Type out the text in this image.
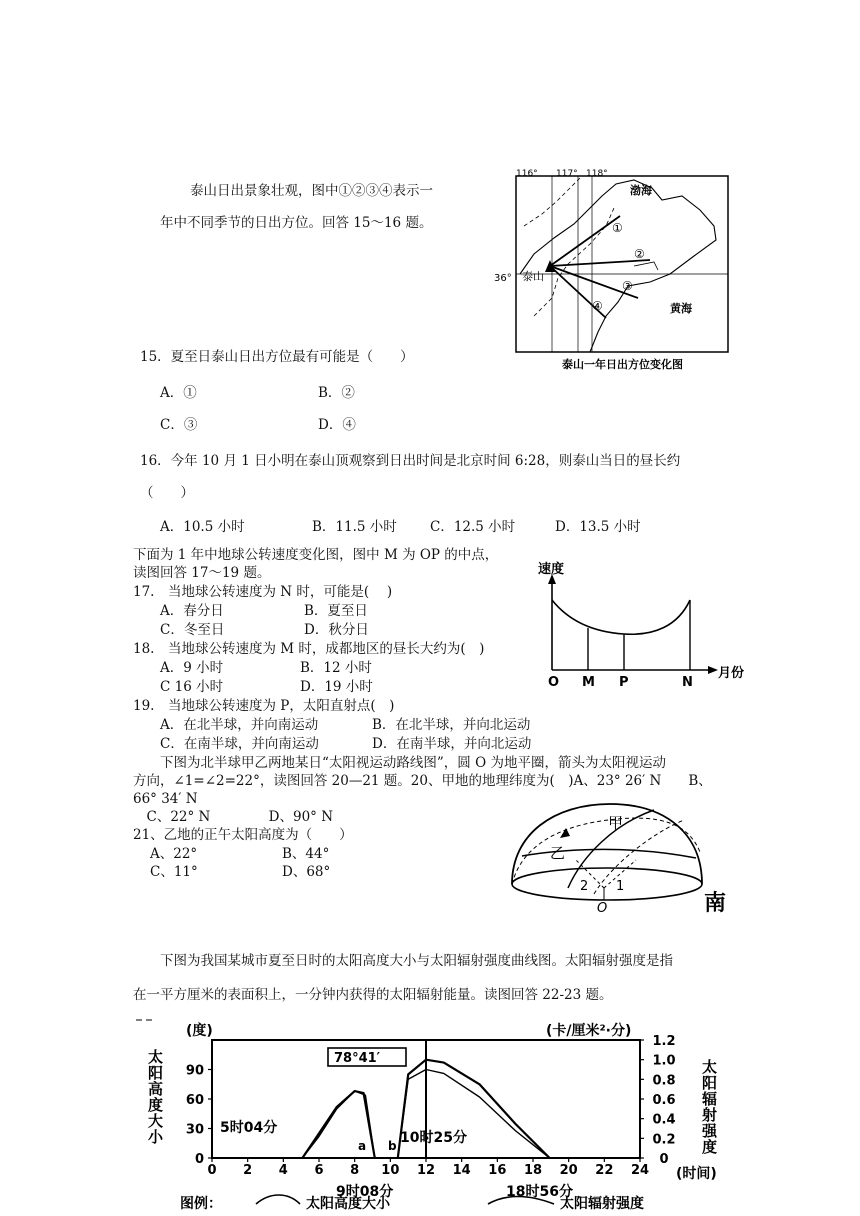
泰山日出景象壮观，图中①②③④表示一
年中不同季节的日出方位。回答 15～16 题。
116° 117° 118°
36°
渤海
黄海
泰山
①
②
③
④
泰山一年日出方位变化图
15．夏至日泰山日出方位最有可能是（　　）
A．①	B．②
C．③	D．④
16．今年 10 月 1 日小明在泰山顶观察到日出时间是北京时间 6:28，则泰山当日的昼长约
（　　）
A．10.5 小时	B．11.5 小时 C．12.5 小时	D．13.5 小时
下面为 1 年中地球公转速度变化图，图中 M 为 OP 的中点，
读图回答 17～19 题。
17.　当地球公转速度为 N 时，可能是(　 )
A．春分日	B．夏至日
C．冬至日	D．秋分日
18.　当地球公转速度为 M 时，成都地区的昼长大约为(　)
A．9 小时	B．12 小时
C 16 小时	D．19 小时
19.　当地球公转速度为 P，太阳直射点(　)
A．在北半球，并向南运动	B．在北半球，并向北运动
C．在南半球，并向南运动	D．在南半球，并向北运动
速度
月份
O M P	N
下图为北半球甲乙两地某日“太阳视运动路线图”，圆 O 为地平圈，箭头为太阳视运动
方向，∠1=∠2=22°，读图回答 20—21 题。20、甲地的地理纬度为(　)A、23° 26′ N　　B、
66° 34′ N
　C、22° N　　　　 D、90° N
21、乙地的正午太阳高度为（　　）
A、22°	B、44°
C、11°	D、68°
甲
乙
O
1
2
南
下图为我国某城市夏至日时的太阳高度大小与太阳辐射强度曲线图。太阳辐射强度是指
在一平方厘米的表面积上，一分钟内获得的太阳辐射能量。读图回答 22-23 题。
0 2 4 6 8 10 12 14 16 18 20 22 24
0
30
60
90
0
0.2
0.4
0.6
0.8
1.0
1.2
(度)	(卡/厘米²·分)
太阳高度大小
太阳辐射强度
(时间)
78°41′
5时04分
10时25分
9时08分	18时56分
a b
图例：	太阳高度大小	太阳辐射强度
